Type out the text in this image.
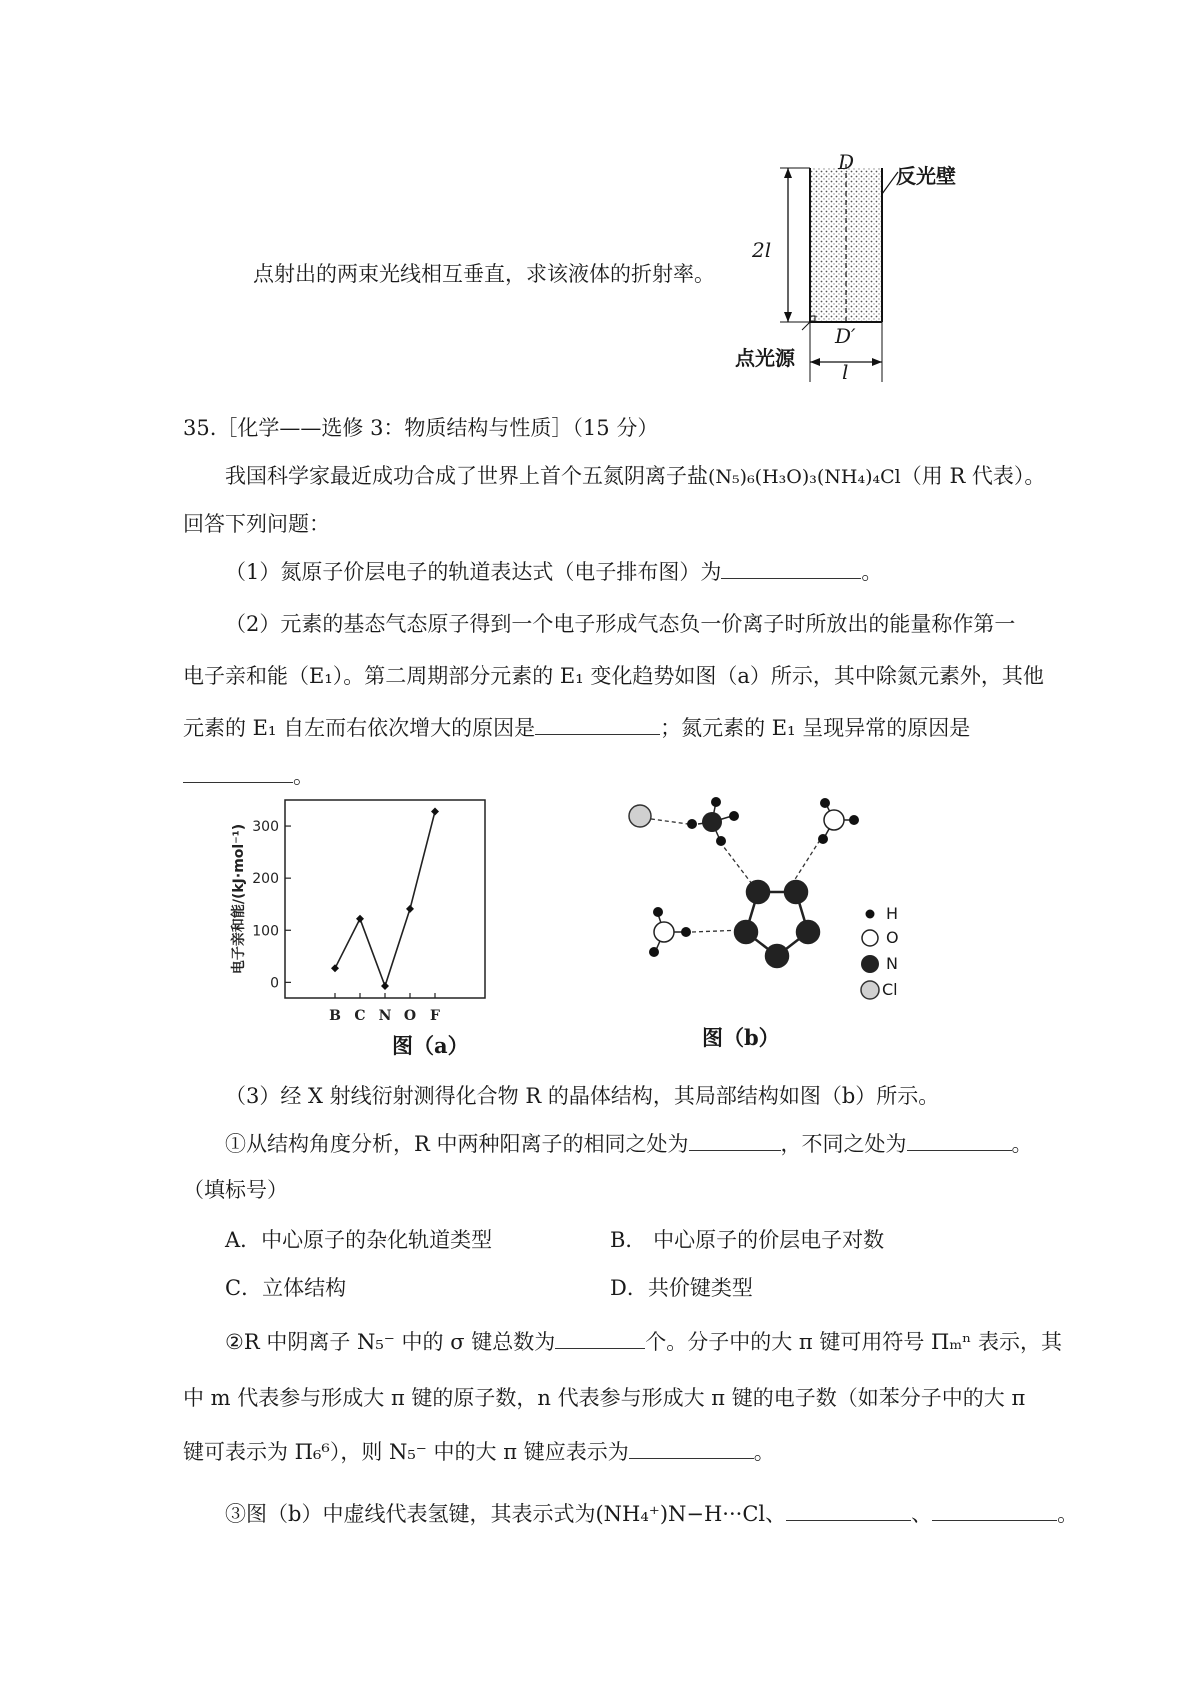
D
反光壁
2l
D′
点光源
l
点射出的两束光线相互垂直，求该液体的折射率。
35.［化学——选修 3：物质结构与性质］（15 分）
我国科学家最近成功合成了世界上首个五氮阴离子盐(N₅)₆(H₃O)₃(NH₄)₄Cl（用 R 代表）。
回答下列问题：
（1）氮原子价层电子的轨道表达式（电子排布图）为	。
（2）元素的基态气态原子得到一个电子形成气态负一价离子时所放出的能量称作第一
电子亲和能（E₁）。第二周期部分元素的 E₁ 变化趋势如图（a）所示，其中除氮元素外，其他
元素的 E₁ 自左而右依次增大的原因是	；氮元素的 E₁ 呈现异常的原因是
。
0
100
200
300
B C N O F
电子亲和能/(kJ·mol⁻¹)
图（a）
H
O
N
Cl
图（b）
（3）经 X 射线衍射测得化合物 R 的晶体结构，其局部结构如图（b）所示。
①从结构角度分析，R 中两种阳离子的相同之处为	，不同之处为	。
（填标号）
A．中心原子的杂化轨道类型	B． 中心原子的价层电子对数
C．立体结构	D．共价键类型
②R 中阴离子 N₅⁻ 中的 σ 键总数为	个。分子中的大 π 键可用符号 Πₘⁿ 表示，其
中 m 代表参与形成大 π 键的原子数，n 代表参与形成大 π 键的电子数（如苯分子中的大 π
键可表示为 Π₆⁶），则 N₅⁻ 中的大 π 键应表示为	。
③图（b）中虚线代表氢键，其表示式为(NH₄⁺)N−H···Cl、	、	。
